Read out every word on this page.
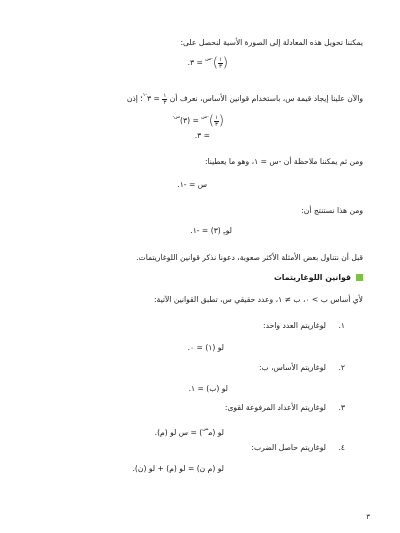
يمكننا تحويل هذه المعادلة إلى الصورة الأسية لنحصل على:
(
$\frac{١}{٣}$
)$^{-س}$ = ٣.
والآن علينا إيجاد قيمة س، باستخدام قوانين الأساس، نعرف أن
$\frac{١}{٣}$
= $٣^{-١}؛$ إذن
(
$\frac{١}{٣}$
)$^{-س}$ = (٣)$^{س-}$
= ٣.
ومن ثم يمكننا ملاحظة أن -س = ١، وهو ما يعطينا:
س = -١.
ومن هذا نستنتج أن:
لو$_٣$ (٣) = -١.
قبل أن نتناول بعض الأمثلة الأكثر صعوبة، دعونا نذكر قوانين اللوغاريتمات.
قوانين اللوغاريتمات
لأي أساس ب > ٠، ب ≠ ١، وعدد حقيقي س، تطبق القوانين الآتية:
١.
لوغاريتم العدد واحد:
لو (١) = ٠.
٢.
لوغاريتم الأساس، ب:
لو (ب) = ١.
٣.
لوغاريتم الأعداد المرفوعة لقوى:
لو (م$^س$) = س لو (م).
٤.
لوغاريتم حاصل الضرب:
لو (م ن) = لو (م) + لو (ن).
٣
